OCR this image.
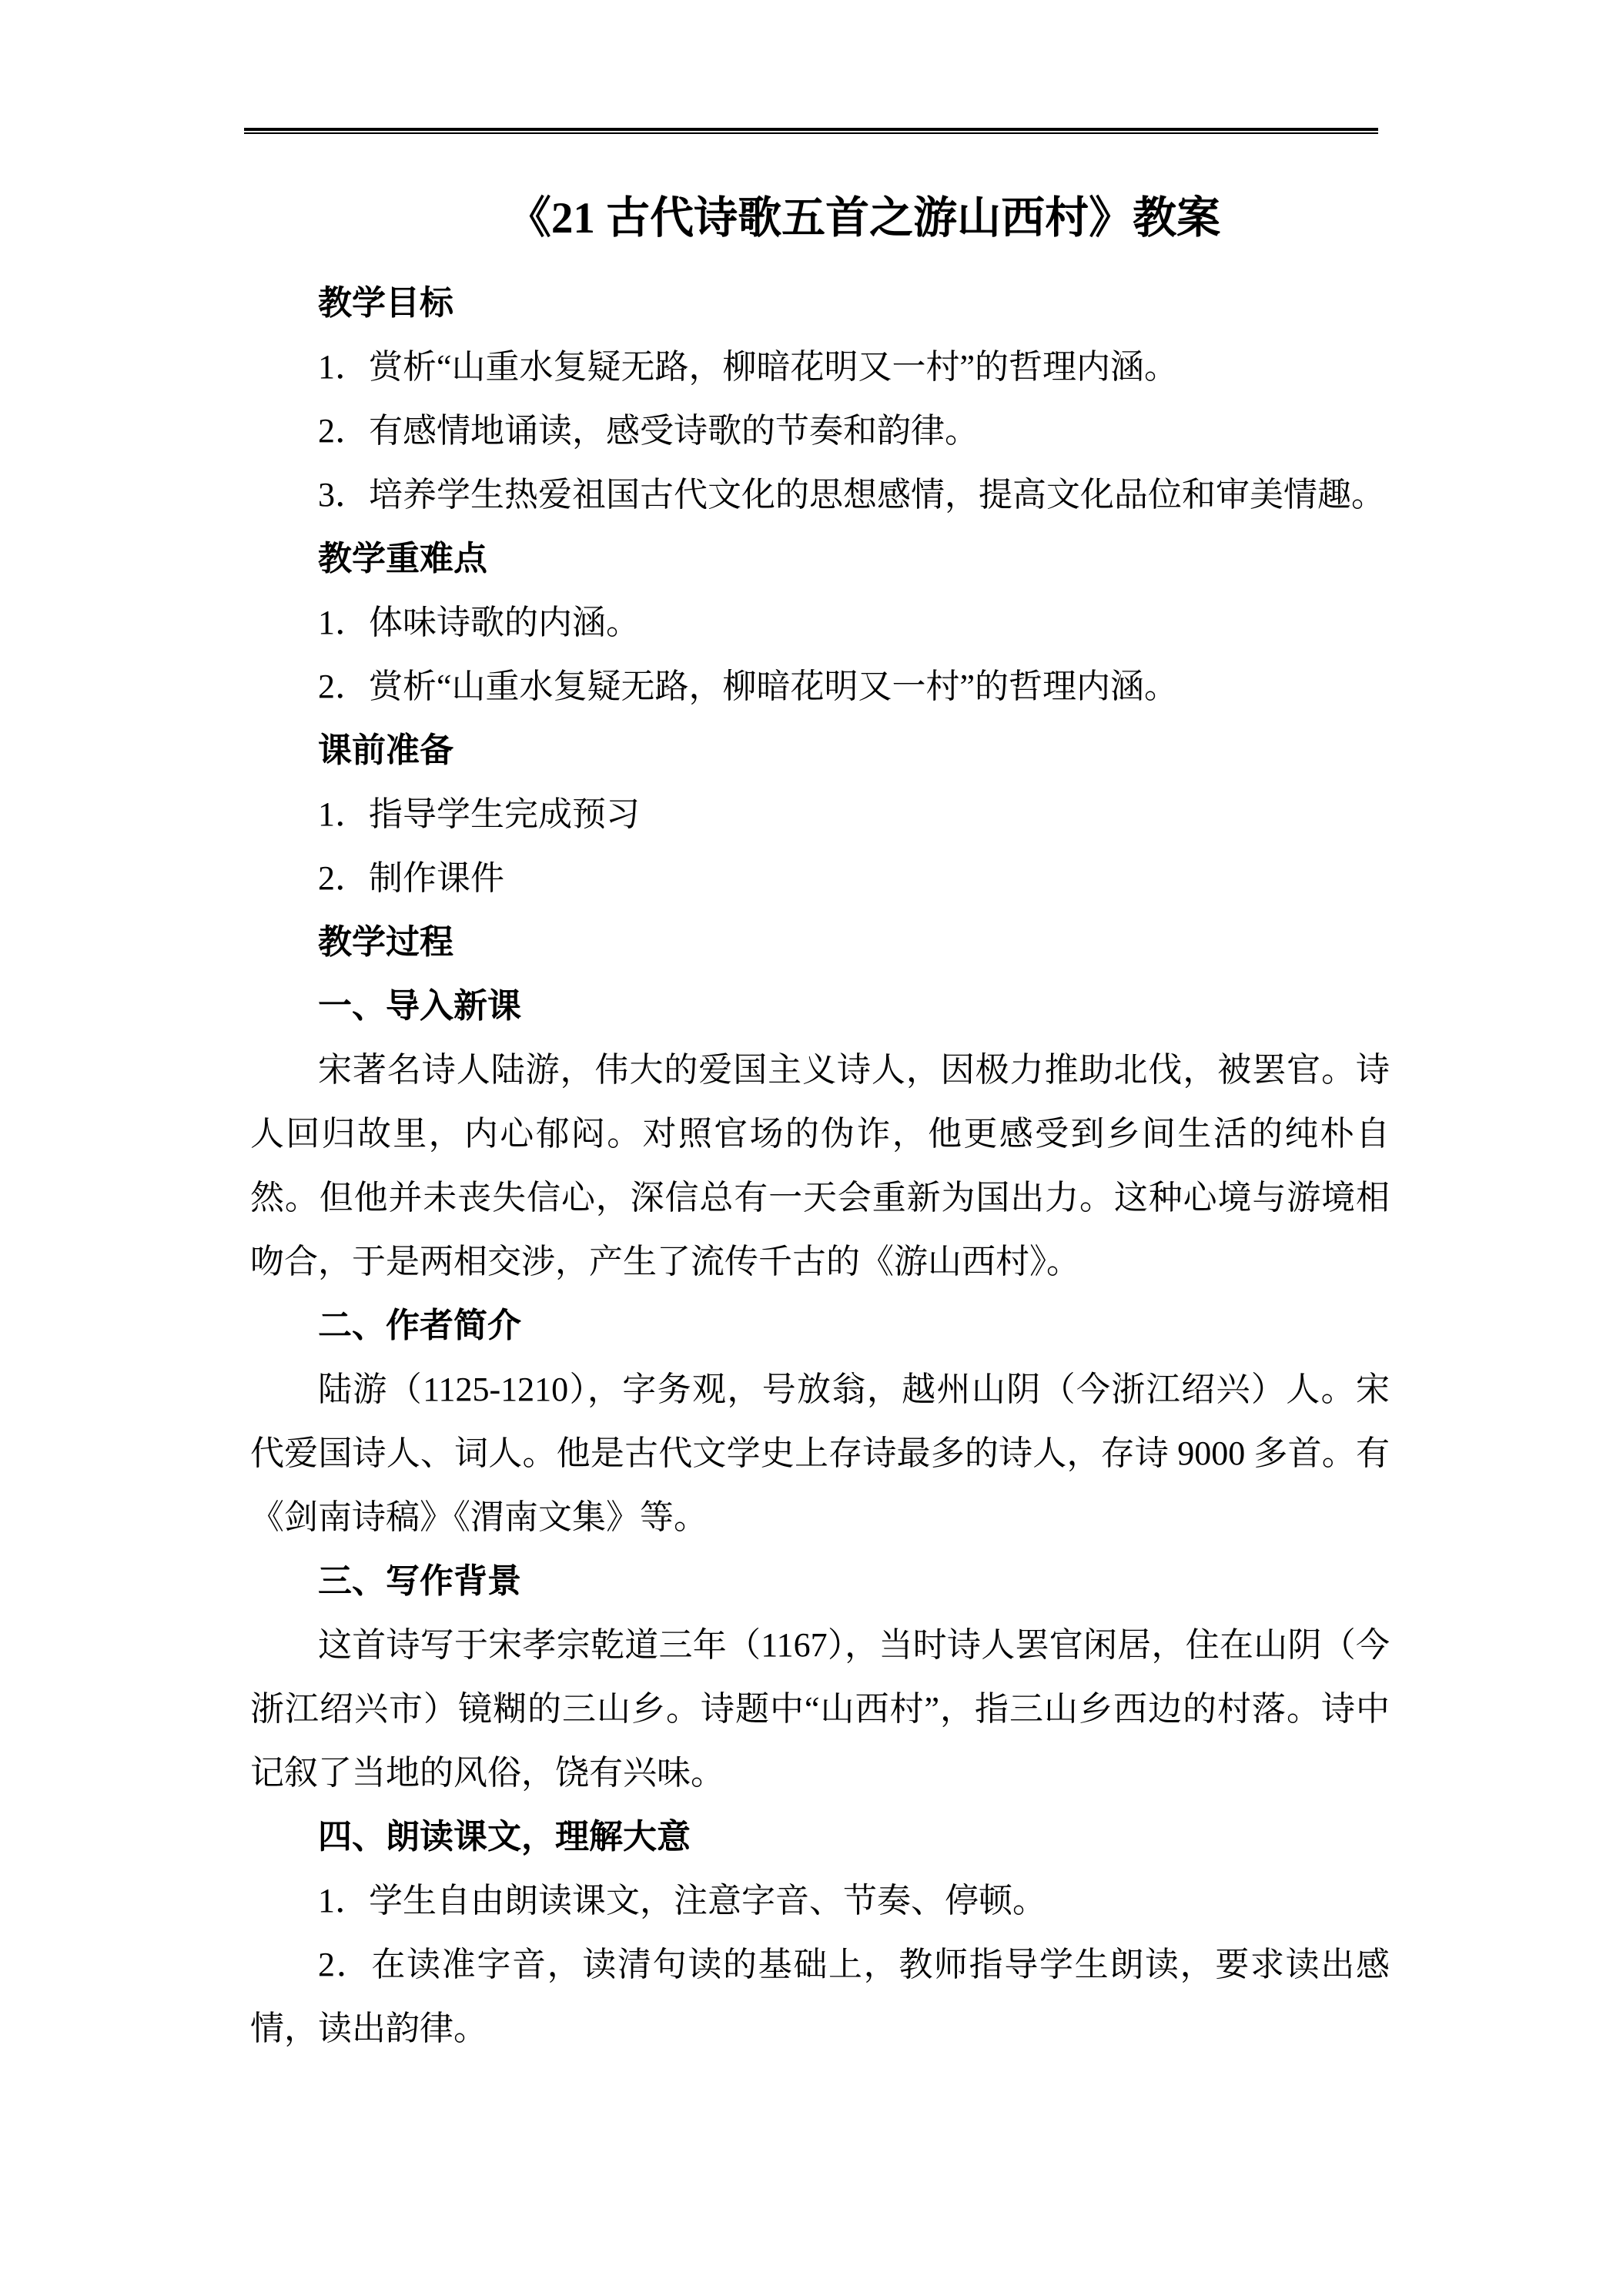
《21 古代诗歌五首之游山西村》教案

教学目标

1．赏析“山重水复疑无路，柳暗花明又一村”的哲理内涵。

2．有感情地诵读，感受诗歌的节奏和韵律。

3．培养学生热爱祖国古代文化的思想感情，提高文化品位和审美情趣。

教学重难点

1．体味诗歌的内涵。

2．赏析“山重水复疑无路，柳暗花明又一村”的哲理内涵。

课前准备

1．指导学生完成预习

2．制作课件

教学过程

一、导入新课

宋著名诗人陆游，伟大的爱国主义诗人，因极力推助北伐，被罢官。诗人回归故里，内心郁闷。对照官场的伪诈，他更感受到乡间生活的纯朴自然。但他并未丧失信心，深信总有一天会重新为国出力。这种心境与游境相吻合，于是两相交涉，产生了流传千古的《游山西村》。

二、作者简介

陆游（1125-1210），字务观，号放翁，越州山阴（今浙江绍兴）人。宋代爱国诗人、词人。他是古代文学史上存诗最多的诗人，存诗 9000 多首。有《剑南诗稿》《渭南文集》等。

三、写作背景

这首诗写于宋孝宗乾道三年（1167），当时诗人罢官闲居，住在山阴（今浙江绍兴市）镜糊的三山乡。诗题中“山西村”，指三山乡西边的村落。诗中记叙了当地的风俗，饶有兴味。

四、朗读课文，理解大意

1．学生自由朗读课文，注意字音、节奏、停顿。

2．在读准字音，读清句读的基础上，教师指导学生朗读，要求读出感情，读出韵律。
